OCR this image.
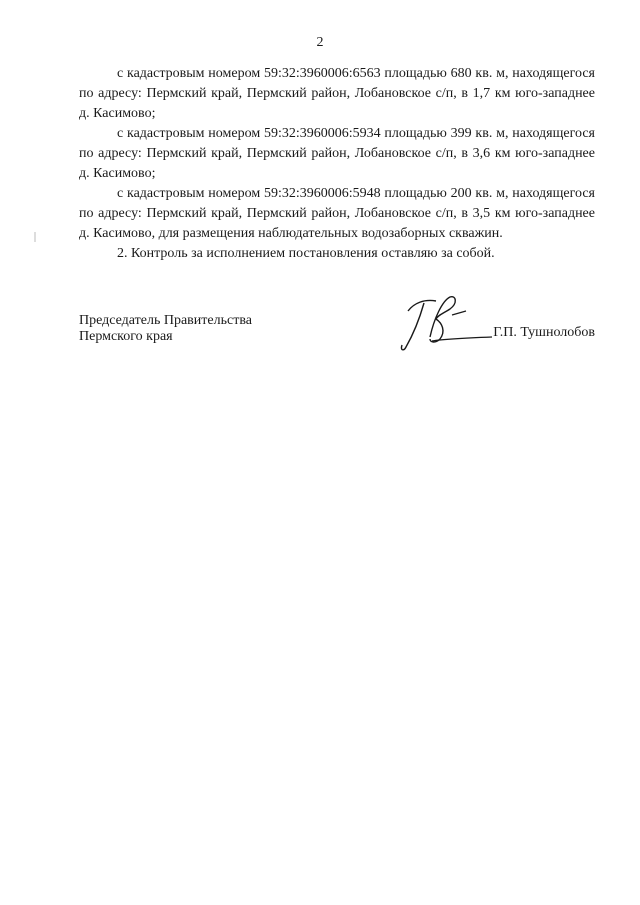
2

с кадастровым номером 59:32:3960006:6563 площадью 680 кв. м, находящегося по адресу: Пермский край, Пермский район, Лобановское с/п, в 1,7 км юго-западнее д. Касимово;

с кадастровым номером 59:32:3960006:5934 площадью 399 кв. м, находящегося по адресу: Пермский край, Пермский район, Лобановское с/п, в 3,6 км юго-западнее д. Касимово;

с кадастровым номером 59:32:3960006:5948 площадью 200 кв. м, находящегося по адресу: Пермский край, Пермский район, Лобановское с/п, в 3,5 км юго-западнее д. Касимово, для размещения наблюдательных водозаборных скважин.

2. Контроль за исполнением постановления оставляю за собой.

Председатель Правительства
Пермского края	Г.П. Тушнолобов
